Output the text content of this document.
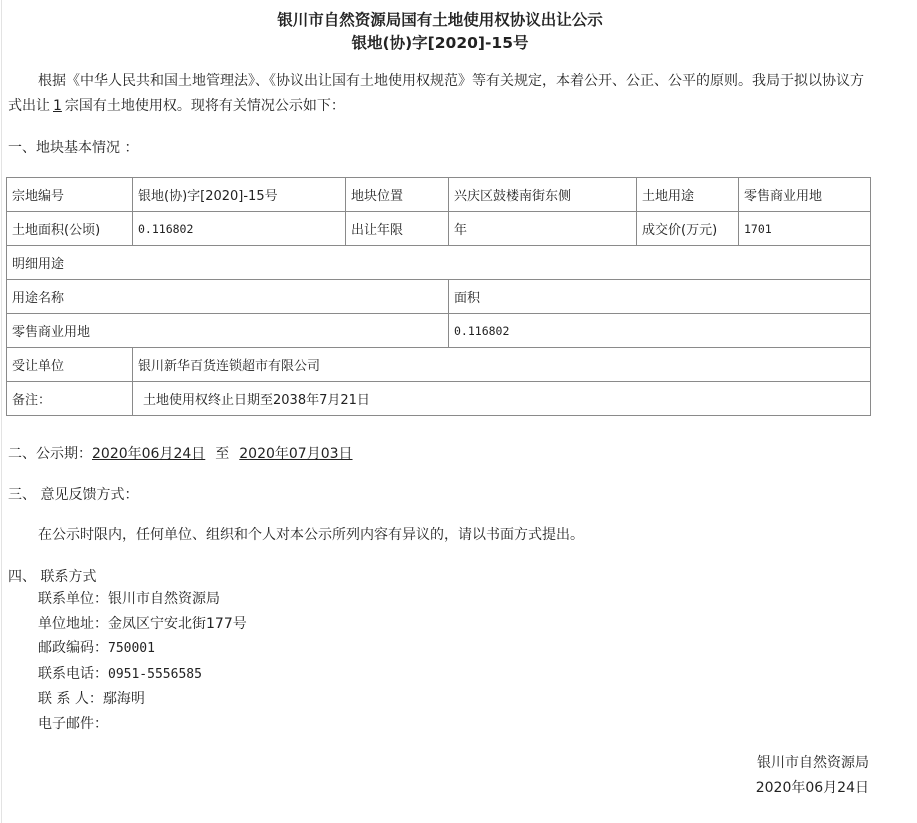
银川市自然资源局国有土地使用权协议出让公示
银地(协)字[2020]-15号
根据《中华人民共和国土地管理法》、《协议出让国有土地使用权规范》等有关规定，本着公开、公正、公平的原则。我局于拟以协议方式出让 1 宗国有土地使用权。现将有关情况公示如下：
一、地块基本情况 ：
宗地编号	银地(协)字[2020]-15号	地块位置	兴庆区鼓楼南街东侧	土地用途	零售商业用地
土地面积(公顷)	0.116802	出让年限	年	成交价(万元)	1701
明细用途					
用途名称			面积		
零售商业用地			0.116802		
受让单位	银川新华百货连锁超市有限公司				
备注：	土地使用权终止日期至2038年7月21日				
二、公示期：2020年06月24日 至 2020年07月03日
三、 意见反馈方式：
在公示时限内，任何单位、组织和个人对本公示所列内容有异议的，请以书面方式提出。
四、 联系方式
联系单位：银川市自然资源局
单位地址：金凤区宁安北街177号
邮政编码：750001
联系电话：0951-5556585
联 系 人：鄢海明
电子邮件：
银川市自然资源局
2020年06月24日
